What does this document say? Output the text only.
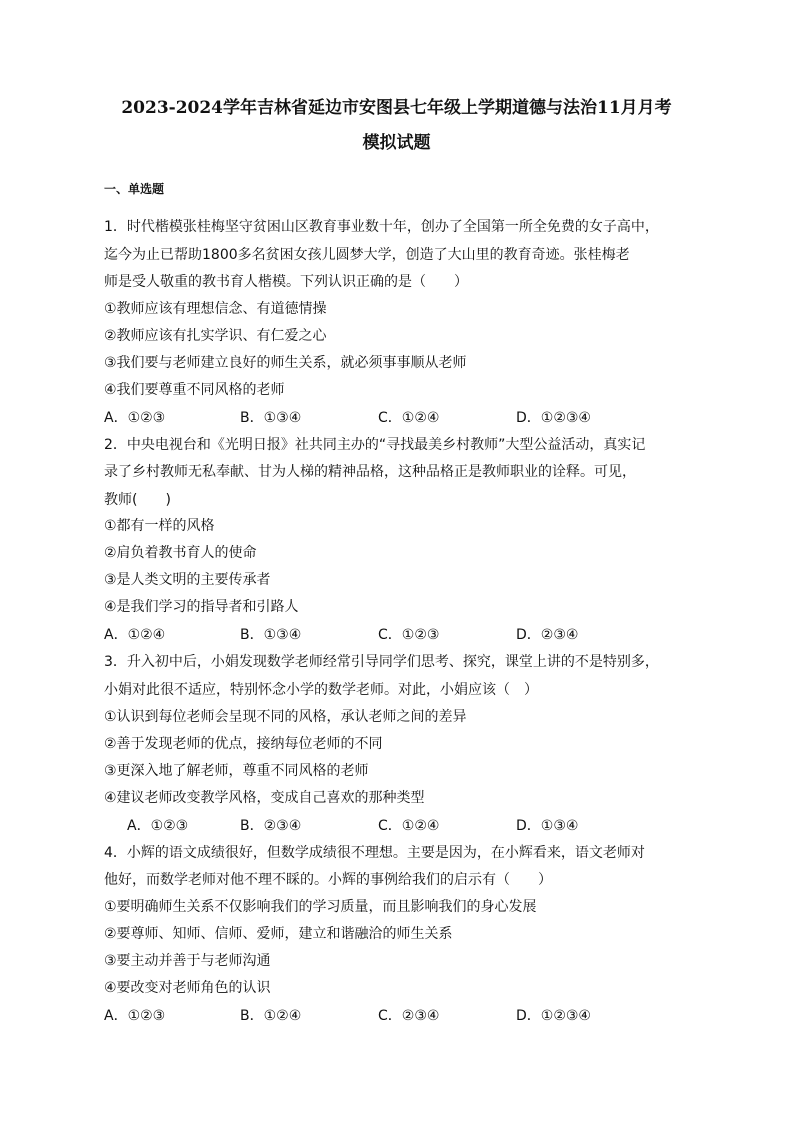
2023-2024学年吉林省延边市安图县七年级上学期道德与法治11月月考
模拟试题
一、单选题
1．时代楷模张桂梅坚守贫困山区教育事业数十年，创办了全国第一所全免费的女子高中，
迄今为止已帮助1800多名贫困女孩儿圆梦大学，创造了大山里的教育奇迹。张桂梅老
师是受人敬重的教书育人楷模。下列认识正确的是（　　）
①教师应该有理想信念、有道德情操
②教师应该有扎实学识、有仁爱之心
③我们要与老师建立良好的师生关系，就必须事事顺从老师
④我们要尊重不同风格的老师
A．①②③	B．①③④	C．①②④	D．①②③④
2．中央电视台和《光明日报》社共同主办的“寻找最美乡村教师”大型公益活动，真实记
录了乡村教师无私奉献、甘为人梯的精神品格，这种品格正是教师职业的诠释。可见，
教师(　　)
①都有一样的风格
②肩负着教书育人的使命
③是人类文明的主要传承者
④是我们学习的指导者和引路人
A．①②④	B．①③④	C．①②③	D．②③④
3．升入初中后，小娟发现数学老师经常引导同学们思考、探究，课堂上讲的不是特别多，
小娟对此很不适应，特别怀念小学的数学老师。对此，小娟应该（　）
①认识到每位老师会呈现不同的风格，承认老师之间的差异
②善于发现老师的优点，接纳每位老师的不同
③更深入地了解老师，尊重不同风格的老师
④建议老师改变教学风格，变成自己喜欢的那种类型
A．①②③	B．②③④	C．①②④	D．①③④
4．小辉的语文成绩很好，但数学成绩很不理想。主要是因为，在小辉看来，语文老师对
他好，而数学老师对他不理不睬的。小辉的事例给我们的启示有（　　）
①要明确师生关系不仅影响我们的学习质量，而且影响我们的身心发展
②要尊师、知师、信师、爱师，建立和谐融洽的师生关系
③要主动并善于与老师沟通
④要改变对老师角色的认识
A．①②③	B．①②④	C．②③④	D．①②③④
